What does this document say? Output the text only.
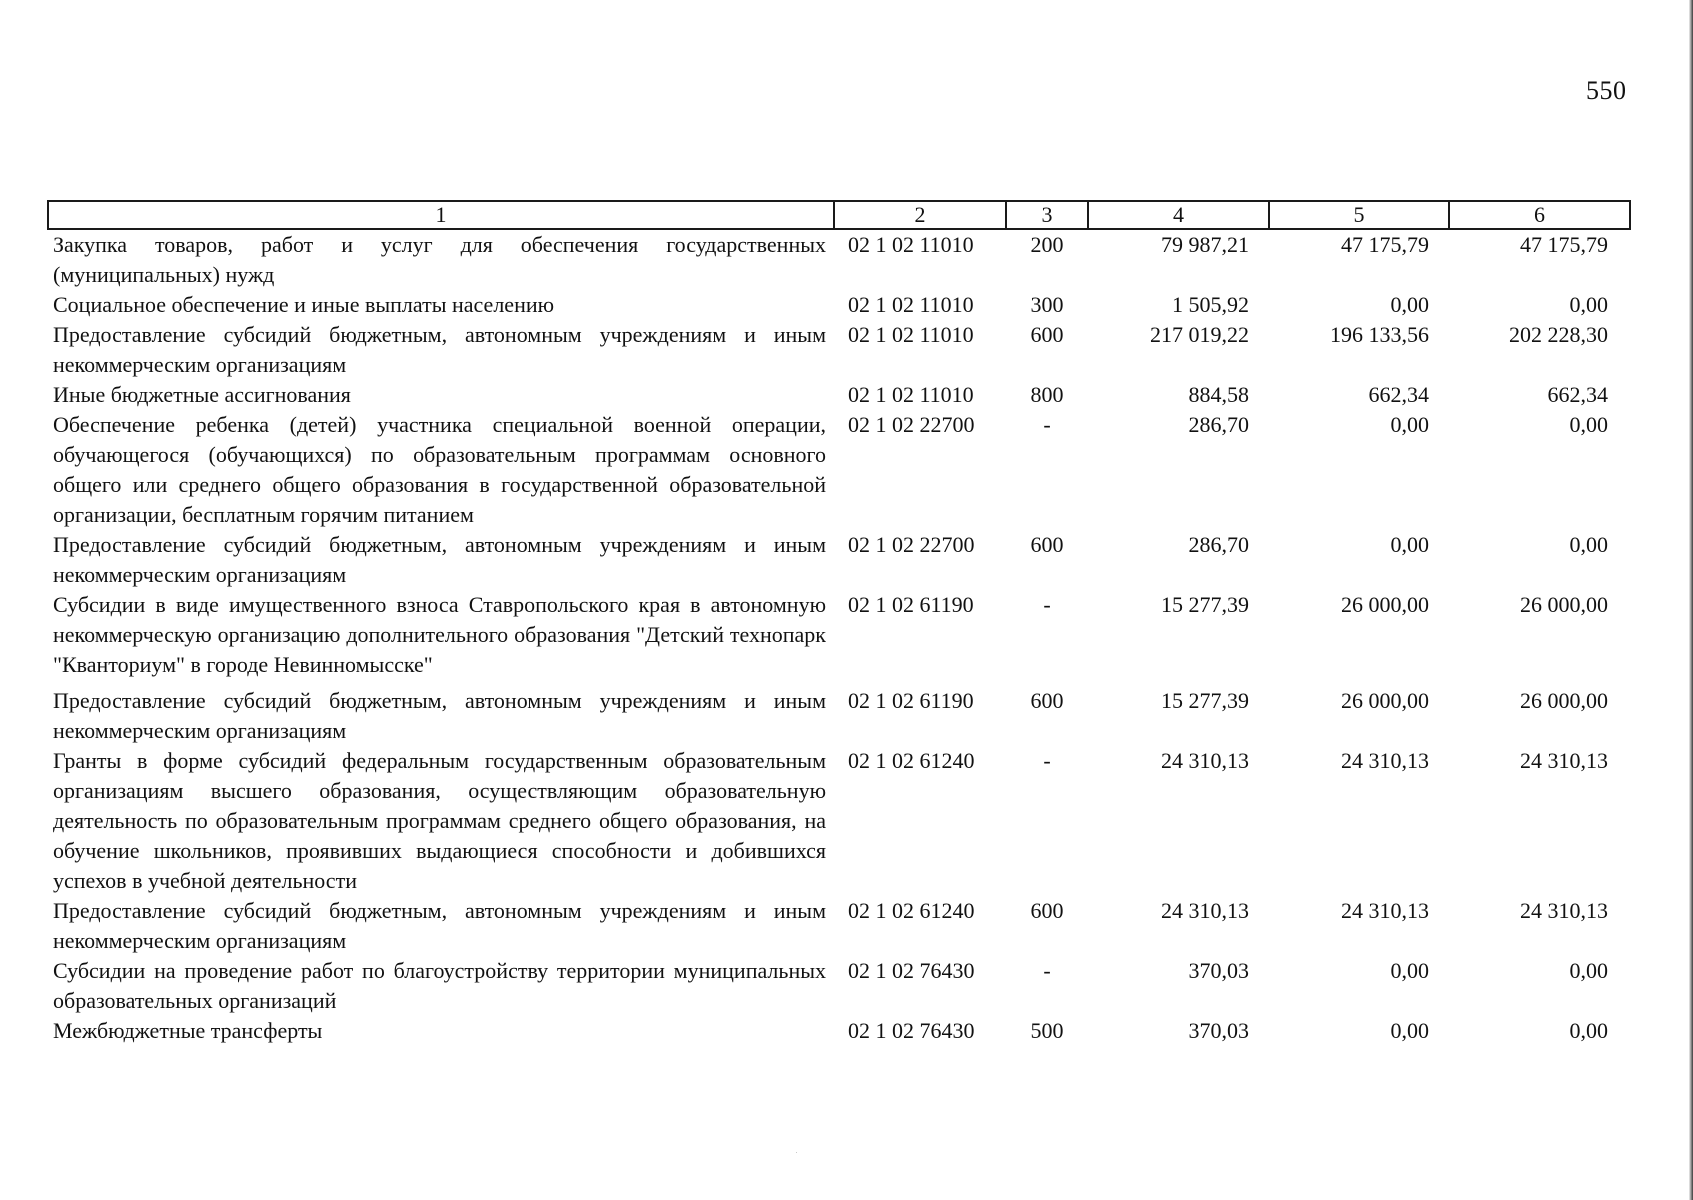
550
1	2	3	4	5	6
Закупка товаров, работ и услуг для обеспечения государственных (муниципальных) нужд	02 1 02 11010	200	79 987,21	47 175,79	47 175,79
Социальное обеспечение и иные выплаты населению	02 1 02 11010	300	1 505,92	0,00	0,00
Предоставление субсидий бюджетным, автономным учреждениям и иным некоммерческим организациям	02 1 02 11010	600	217 019,22	196 133,56	202 228,30
Иные бюджетные ассигнования	02 1 02 11010	800	884,58	662,34	662,34
Обеспечение ребенка (детей) участника специальной военной операции, обучающегося (обучающихся) по образовательным программам основного общего или среднего общего образования в государственной образовательной организации, бесплатным горячим питанием	02 1 02 22700	-	286,70	0,00	0,00
Предоставление субсидий бюджетным, автономным учреждениям и иным некоммерческим организациям	02 1 02 22700	600	286,70	0,00	0,00
Субсидии в виде имущественного взноса Ставропольского края в автономную некоммерческую организацию дополнительного образования "Детский технопарк "Кванториум" в городе Невинномысске"	02 1 02 61190	-	15 277,39	26 000,00	26 000,00
Предоставление субсидий бюджетным, автономным учреждениям и иным некоммерческим организациям	02 1 02 61190	600	15 277,39	26 000,00	26 000,00
Гранты в форме субсидий федеральным государственным образовательным организациям высшего образования, осуществляющим образовательную деятельность по образовательным программам среднего общего образования, на обучение школьников, проявивших выдающиеся способности и добившихся успехов в учебной деятельности	02 1 02 61240	-	24 310,13	24 310,13	24 310,13
Предоставление субсидий бюджетным, автономным учреждениям и иным некоммерческим организациям	02 1 02 61240	600	24 310,13	24 310,13	24 310,13
Субсидии на проведение работ по благоустройству территории муниципальных образовательных организаций	02 1 02 76430	-	370,03	0,00	0,00
Межбюджетные трансферты	02 1 02 76430	500	370,03	0,00	0,00
